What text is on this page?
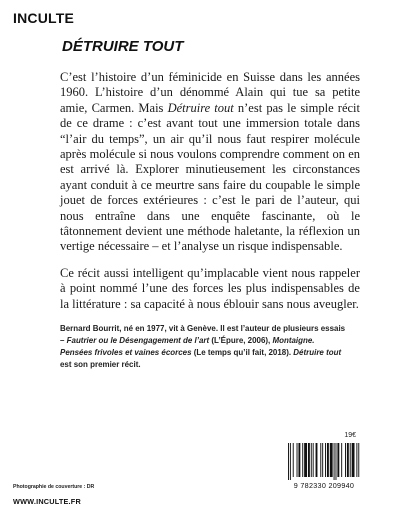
INCULTE
DÉTRUIRE TOUT

C’est l’histoire d’un féminicide en Suisse dans les années 1960. L’histoire d’un dénommé Alain qui tue sa petite amie, Carmen. Mais Détruire tout n’est pas le simple récit de ce drame : c’est avant tout une immersion totale dans “l’air du temps”, un air qu’il nous faut respirer molécule après molécule si nous voulons comprendre comment on en est arrivé là. Explorer minutieusement les circonstances ayant conduit à ce meurtre sans faire du coupable le simple jouet de forces extérieures : c’est le pari de l’auteur, qui nous entraîne dans une enquête fascinante, où le tâtonnement devient une méthode haletante, la réflexion un vertige nécessaire – et l’analyse un risque indispensable.

Ce récit aussi intelligent qu’implacable vient nous rappeler à point nommé l’une des forces les plus indispensables de la littérature : sa capacité à nous éblouir sans nous aveugler.

Bernard Bourrit, né en 1977, vit à Genève. Il est l’auteur de plusieurs essais – Fautrier ou le Désengagement de l’art (L’Épure, 2006), Montaigne. Pensées frivoles et vaines écorces (Le temps qu’il fait, 2018). Détruire tout est son premier récit.
19€
9 782330 209940
Photographie de couverture : DR
WWW.INCULTE.FR
